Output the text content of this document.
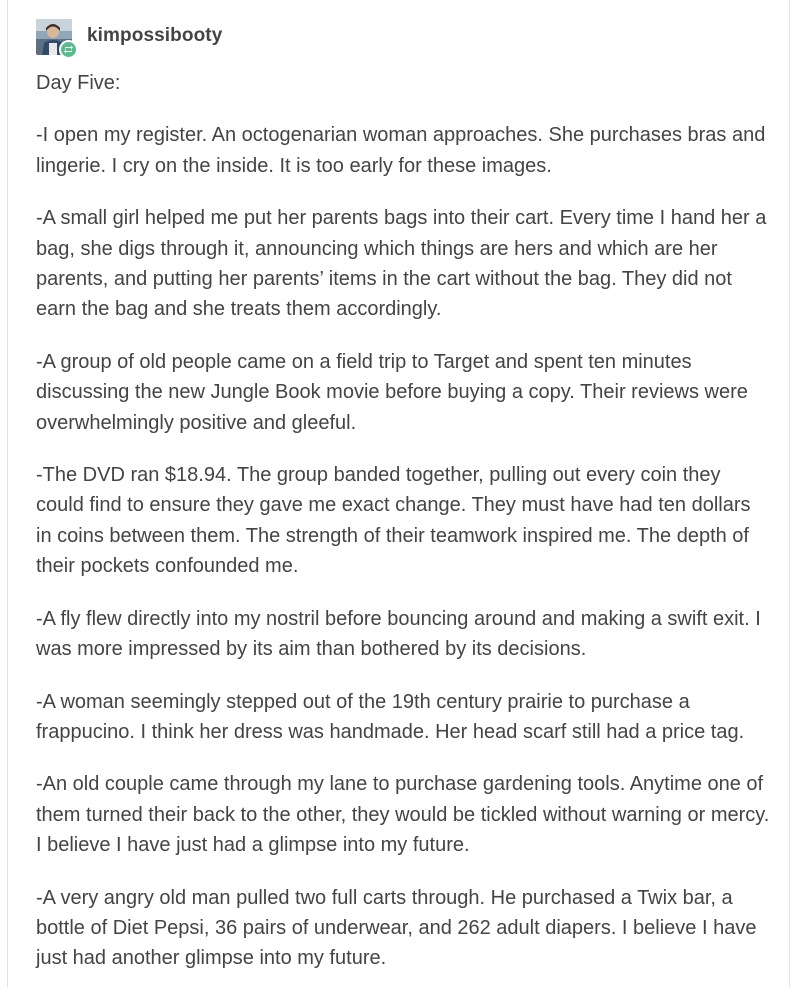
kimpossibooty

Day Five:

-I open my register. An octogenarian woman approaches. She purchases bras and lingerie. I cry on the inside. It is too early for these images.

-A small girl helped me put her parents bags into their cart. Every time I hand her a bag, she digs through it, announcing which things are hers and which are her parents, and putting her parents’ items in the cart without the bag. They did not earn the bag and she treats them accordingly.

-A group of old people came on a field trip to Target and spent ten minutes discussing the new Jungle Book movie before buying a copy. Their reviews were overwhelmingly positive and gleeful.

-The DVD ran $18.94. The group banded together, pulling out every coin they could find to ensure they gave me exact change. They must have had ten dollars in coins between them. The strength of their teamwork inspired me. The depth of their pockets confounded me.

-A fly flew directly into my nostril before bouncing around and making a swift exit. I was more impressed by its aim than bothered by its decisions.

-A woman seemingly stepped out of the 19th century prairie to purchase a frappucino. I think her dress was handmade. Her head scarf still had a price tag.

-An old couple came through my lane to purchase gardening tools. Anytime one of them turned their back to the other, they would be tickled without warning or mercy. I believe I have just had a glimpse into my future.

-A very angry old man pulled two full carts through. He purchased a Twix bar, a bottle of Diet Pepsi, 36 pairs of underwear, and 262 adult diapers. I believe I have just had another glimpse into my future.
